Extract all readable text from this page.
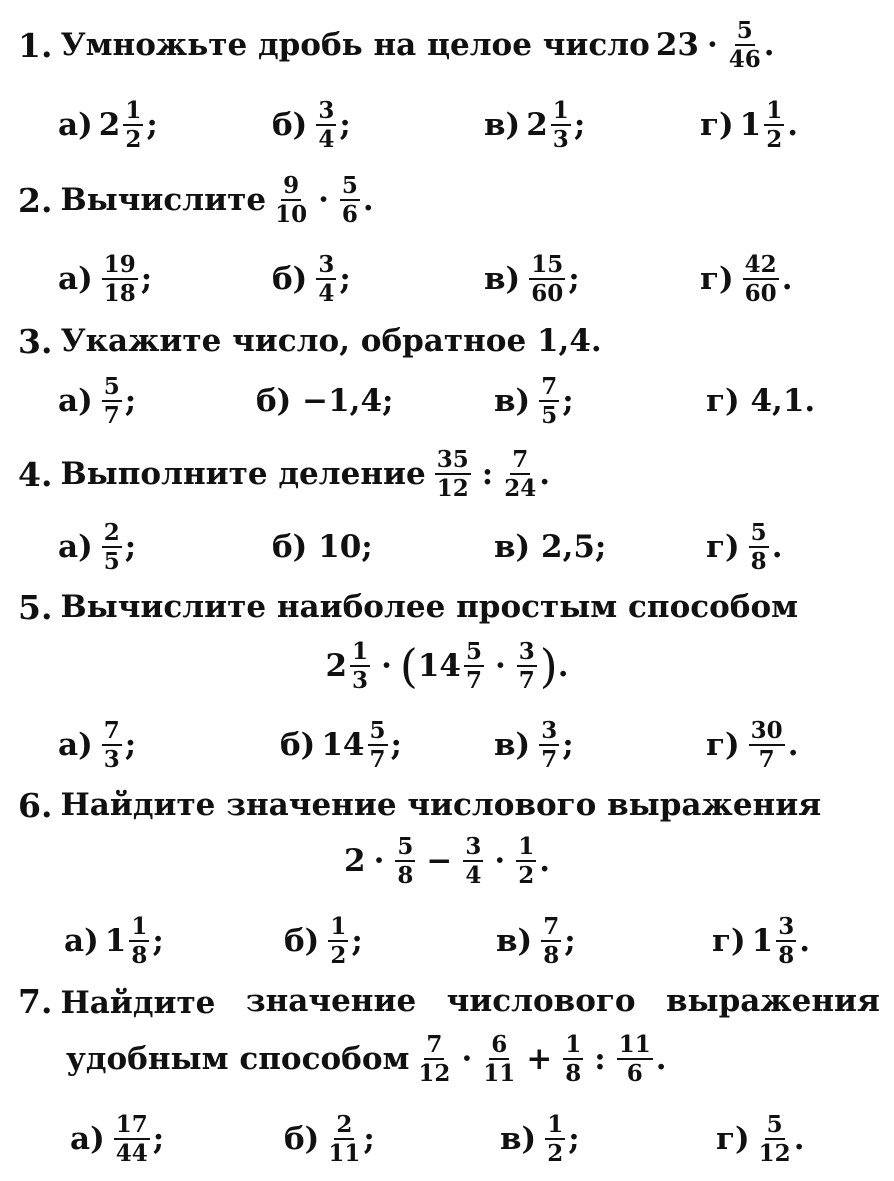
1. Умножьте дробь на целое число $23 \cdot \frac{5}{46}$ .
а) $2 \frac{1}{2}$ ;	$б) \frac{3}{4}$ ;	в) $2 \frac{1}{3}$ ;	г) $1 \frac{1}{2}$ .
2. Вычислите $\frac{9}{10} \cdot \frac{5}{6}$ .
$а) \frac{19}{18}$ ;	$б) \frac{3}{4}$ ;	$в) \frac{15}{60}$ ;	$г) \frac{42}{60}$ .
3. Укажите число, обратное 1,4.
$а) \frac{5}{7}$ ;	б) −1,4;	$в) \frac{7}{5}$ ;	г) 4,1.
4. Выполните деление $\frac{35}{12}$ : $\frac{7}{24}$ .
$а) \frac{2}{5}$ ;	б) 10;	в) 2,5;	$г) \frac{5}{8}$ .
5. Вычислите наиболее простым способом
$2 \frac{1}{3}$ · ( $14 \frac{5}{7} \cdot \frac{3}{7}$ ) .
$а) \frac{7}{3}$ ;	б) $14 \frac{5}{7}$ ;	$в) \frac{3}{7}$ ;	$г) \frac{30}{7}$ .
6. Найдите значение числового выражения
$2 \cdot \frac{5}{8} - \frac{3}{4} \cdot \frac{1}{2}$ .
а) $1 \frac{1}{8}$ ;	$б) \frac{1}{2}$ ;	$в) \frac{7}{8}$ ;	г) $1 \frac{3}{8}$ .
7. Найдите значение числового выражения
удобным способом $\frac{7}{12} \cdot \frac{6}{11} + \frac{1}{8}$ : $\frac{11}{6}$ .
$а) \frac{17}{44}$ ;	$б) \frac{2}{11}$ ;	$в) \frac{1}{2}$ ;	$г) \frac{5}{12}$ .
